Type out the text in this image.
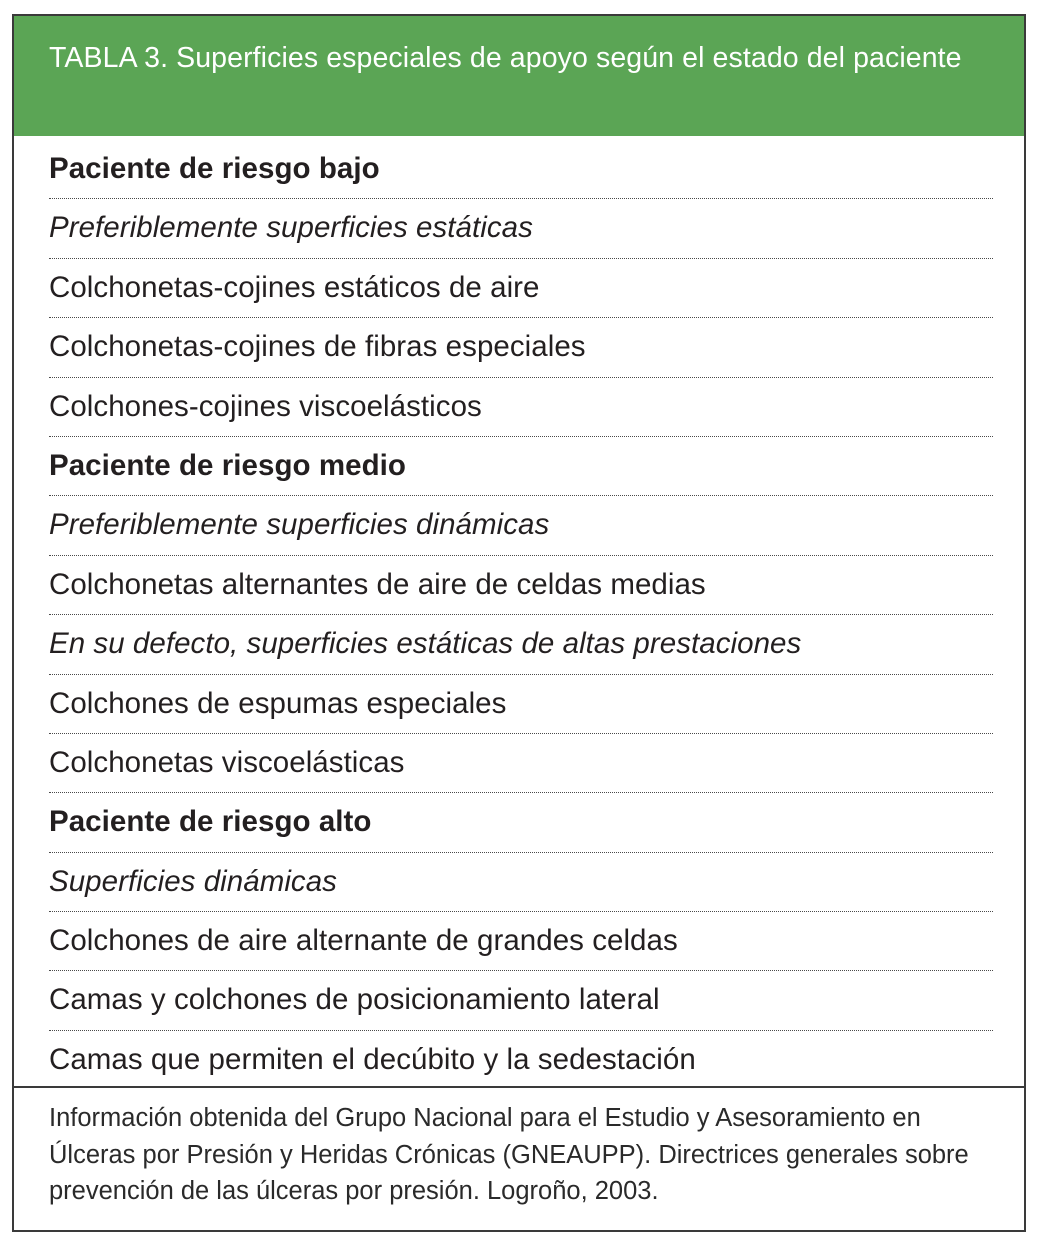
TABLA 3. Superficies especiales de apoyo según el estado del paciente
Paciente de riesgo bajo
Preferiblemente superficies estáticas
Colchonetas-cojines estáticos de aire
Colchonetas-cojines de fibras especiales
Colchones-cojines viscoelásticos
Paciente de riesgo medio
Preferiblemente superficies dinámicas
Colchonetas alternantes de aire de celdas medias
En su defecto, superficies estáticas de altas prestaciones
Colchones de espumas especiales
Colchonetas viscoelásticas
Paciente de riesgo alto
Superficies dinámicas
Colchones de aire alternante de grandes celdas
Camas y colchones de posicionamiento lateral
Camas que permiten el decúbito y la sedestación
Información obtenida del Grupo Nacional para el Estudio y Asesoramiento en Úlceras por Presión y Heridas Crónicas (GNEAUPP). Directrices generales sobre prevención de las úlceras por presión. Logroño, 2003.
